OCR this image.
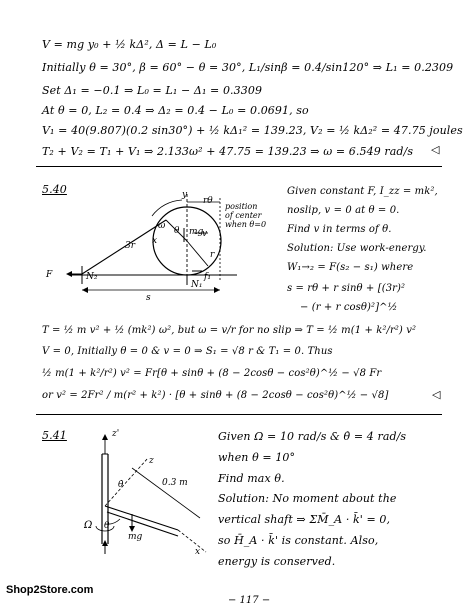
V = mg y₀ + ½ kΔ², Δ = L − L₀
Initially θ = 30°, β = 60° − θ = 30°, L₁/sinβ = 0.4/sin120° ⇒ L₁ = 0.2309
Set Δ₁ = −0.1 ⇒ L₀ = L₁ − Δ₁ = 0.3309
At θ = 0, L₂ = 0.4 ⇒ Δ₂ = 0.4 − L₀ = 0.0691, so
V₁ = 40(9.807)(0.2 sin30°) + ½ kΔ₁² = 139.23, V₂ = ½ kΔ₂² = 47.75 joules
T₂ + V₂ = T₁ + V₁ ⇒ 2.133ω² + 47.75 = 139.23 ⇒ ω = 6.549 rad/s ◁
5.40	y
rθ
position
of center
when θ=0
ω θ mg
v
x
3r
r
F	N₂
N₁
f₁
s
Given constant F, I_zz = mk²,
noslip, v = 0 at θ = 0.
Find v in terms of θ.
Solution: Use work-energy.
W₁→₂ = F(s₂ − s₁) where
s = rθ + r sinθ + [(3r)²
− (r + r cosθ)²]^½
T = ½ m v² + ½ (mk²) ω², but ω = v/r for no slip ⇒ T = ½ m(1 + k²/r²) v²
V = 0, Initially θ = 0 & v = 0 ⇒ S₁ = √8 r & T₁ = 0. Thus
½ m(1 + k²/r²) v² = Fr[θ + sinθ + (8 − 2cosθ − cos²θ)^½ − √8 Fr
or v² = 2Fr² / m(r² + k²) · [θ + sinθ + (8 − 2cosθ − cos²θ)^½ − √8]	◁
5.41	z'
z
θ̇	0.3 m
θ
mg
Ω
x
Given Ω = 10 rad/s & θ̇ = 4 rad/s
when θ = 10°
Find max θ.
Solution: No moment about the
vertical shaft ⇒ ΣM̄_A · k̄' = 0,
so H̄_A · k̄' is constant. Also,
energy is conserved.
Shop2Store.com
− 117 −
